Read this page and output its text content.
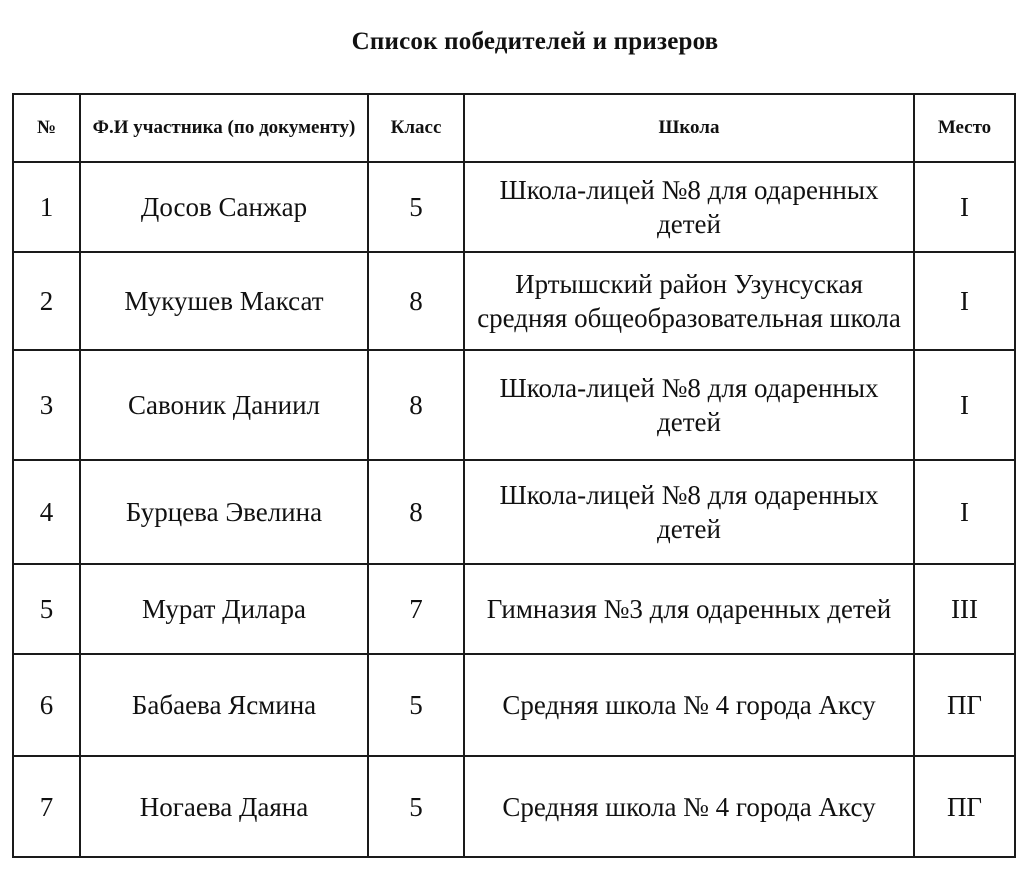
Список победителей и призеров
№	Ф.И участника (по документу)	Класс	Школа	Место
1	Досов Санжар	5	Школа-лицей №8 для одаренных детей	I
2	Мукушев Максат	8	Иртышский район Узунсуская средняя общеобразовательная школа	I
3	Савоник Даниил	8	Школа-лицей №8 для одаренных детей	I
4	Бурцева Эвелина	8	Школа-лицей №8 для одаренных детей	I
5	Мурат Дилара	7	Гимназия №3 для одаренных детей	III
6	Бабаева Ясмина	5	Средняя школа № 4 города Аксу	ПГ
7	Ногаева Даяна	5	Средняя школа № 4 города Аксу	ПГ
